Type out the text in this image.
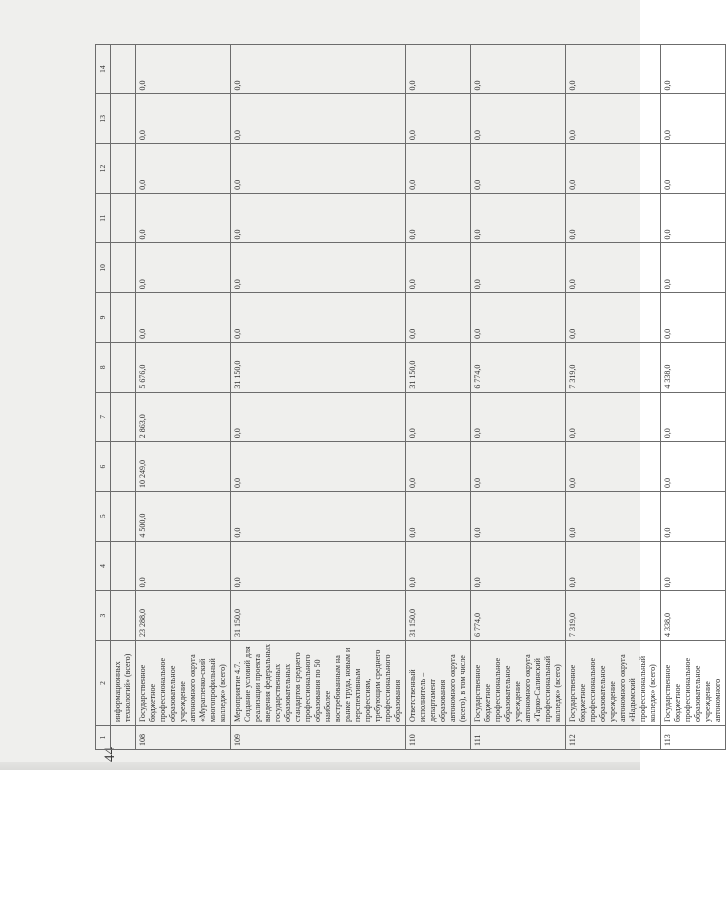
44
1	2	3	4	5	6	7	8	9	10	11	12	13	14
	информационных технологий» (всего)												
108	Государственное бюджетное профессиональное образовательное учреждение автономного округа «Мурагленко-ский многопрофильный колледж» (всего)	23 288,0	0,0	4 500,0	10 249,0	2 863,0	5 676,0	0,0	0,0	0,0	0,0	0,0	0,0
109	Мероприятие 4.7. Создание условий для реализации проекта введения федеральных государственных образовательных стандартов среднего профессионального образования по 50 наиболее востребованным на рынке труда, новым и перспективным профессиям, требующим среднего профессионального образования	31 150,0	0,0	0,0	0,0	0,0	31 150,0	0,0	0,0	0,0	0,0	0,0	0,0
110	Ответственный исполнитель – департамент образования автономного округа (всего), в том числе	31 150,0	0,0	0,0	0,0	0,0	31 150,0	0,0	0,0	0,0	0,0	0,0	0,0
111	Государственное бюджетное профессиональное образовательное учреждение автономного округа «Тарко-Салинский профессиональный колледж» (всего)	6 774,0	0,0	0,0	0,0	0,0	6 774,0	0,0	0,0	0,0	0,0	0,0	0,0
112	Государственное бюджетное профессиональное образовательное учреждение автономного округа «Надымский профессиональный колледж» (всего)	7 319,0	0,0	0,0	0,0	0,0	7 319,0	0,0	0,0	0,0	0,0	0,0	0,0
113	Государственное бюджетное профессиональное образовательное учреждение автономного	4 338,0	0,0	0,0	0,0	0,0	4 338,0	0,0	0,0	0,0	0,0	0,0	0,0
